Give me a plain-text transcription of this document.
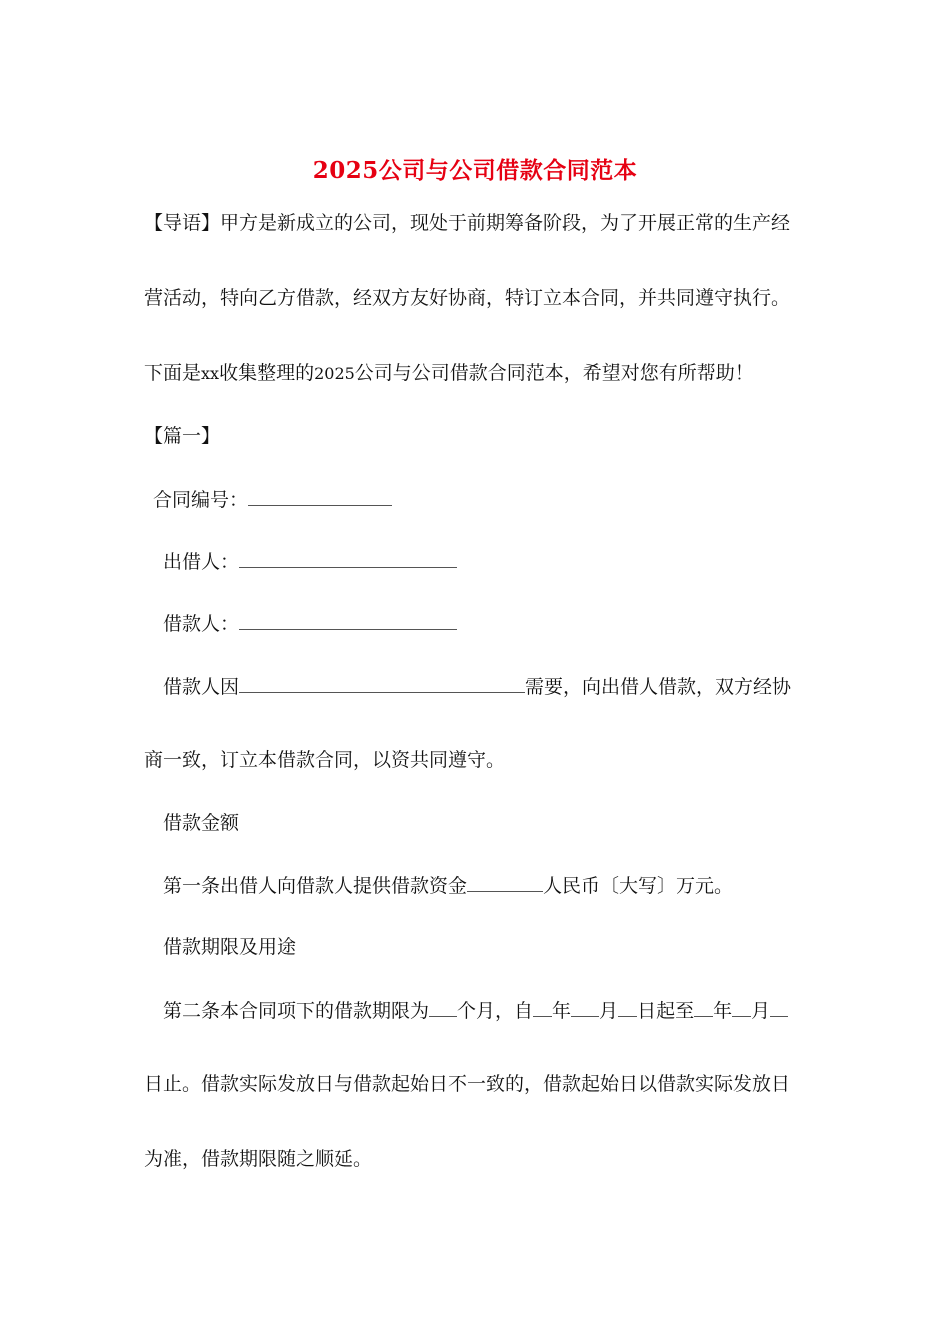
2025公司与公司借款合同范本
【导语】甲方是新成立的公司，现处于前期筹备阶段，为了开展正常的生产经
营活动，特向乙方借款，经双方友好协商，特订立本合同，并共同遵守执行。
下面是xx收集整理的2025公司与公司借款合同范本，希望对您有所帮助！
【篇一】
合同编号：
出借人：
借款人：
借款人因	需要，向出借人借款，双方经协
商一致，订立本借款合同，以资共同遵守。
借款金额
第一条出借人向借款人提供借款资金	人民币〔大写〕万元。
借款期限及用途
第二条本合同项下的借款期限为 个月，自 年 月 日起至 年 月
日止。借款实际发放日与借款起始日不一致的，借款起始日以借款实际发放日
为准，借款期限随之顺延。
